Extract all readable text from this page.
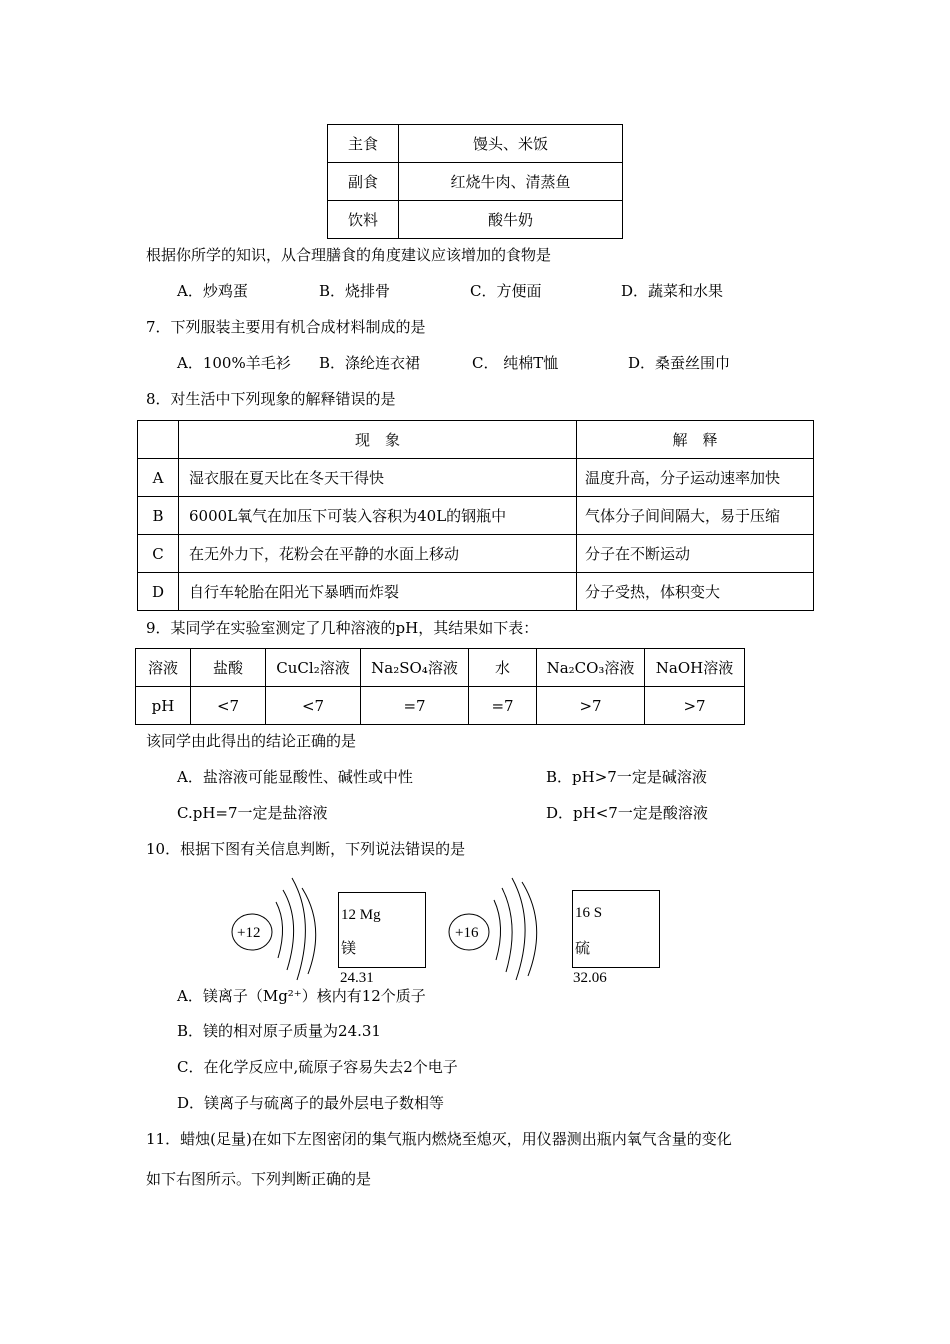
主食	馒头、米饭
副食	红烧牛肉、清蒸鱼
饮料	酸牛奶
根据你所学的知识，从合理膳食的角度建议应该增加的食物是
A．炒鸡蛋	B．烧排骨	C．方便面	D．蔬菜和水果
7．下列服装主要用有机合成材料制成的是
A．100%羊毛衫 B．涤纶连衣裙	C． 纯棉T恤	D．桑蚕丝围巾
8．对生活中下列现象的解释错误的是
	现　象	解　释
A	湿衣服在夏天比在冬天干得快	温度升高，分子运动速率加快
B	6000L氧气在加压下可装入容积为40L的钢瓶中	气体分子间间隔大，易于压缩
C	在无外力下，花粉会在平静的水面上移动	分子在不断运动
D	自行车轮胎在阳光下暴晒而炸裂	分子受热，体积变大
9．某同学在实验室测定了几种溶液的pH，其结果如下表：
溶液	盐酸	CuCl₂溶液	Na₂SO₄溶液	水	Na₂CO₃溶液	NaOH溶液
pH	<7	<7	=7	=7	>7	>7
该同学由此得出的结论正确的是
A．盐溶液可能显酸性、碱性或中性	B．pH>7一定是碱溶液
C.pH=7一定是盐溶液	D．pH<7一定是酸溶液
10．根据下图有关信息判断，下列说法错误的是
+12	+16
12 Mg
镁
24.31
16 S
硫
32.06
A．镁离子（Mg²⁺）核内有12个质子
B．镁的相对原子质量为24.31
C．在化学反应中,硫原子容易失去2个电子
D．镁离子与硫离子的最外层电子数相等
11．蜡烛(足量)在如下左图密闭的集气瓶内燃烧至熄灭，用仪器测出瓶内氧气含量的变化
如下右图所示。下列判断正确的是
